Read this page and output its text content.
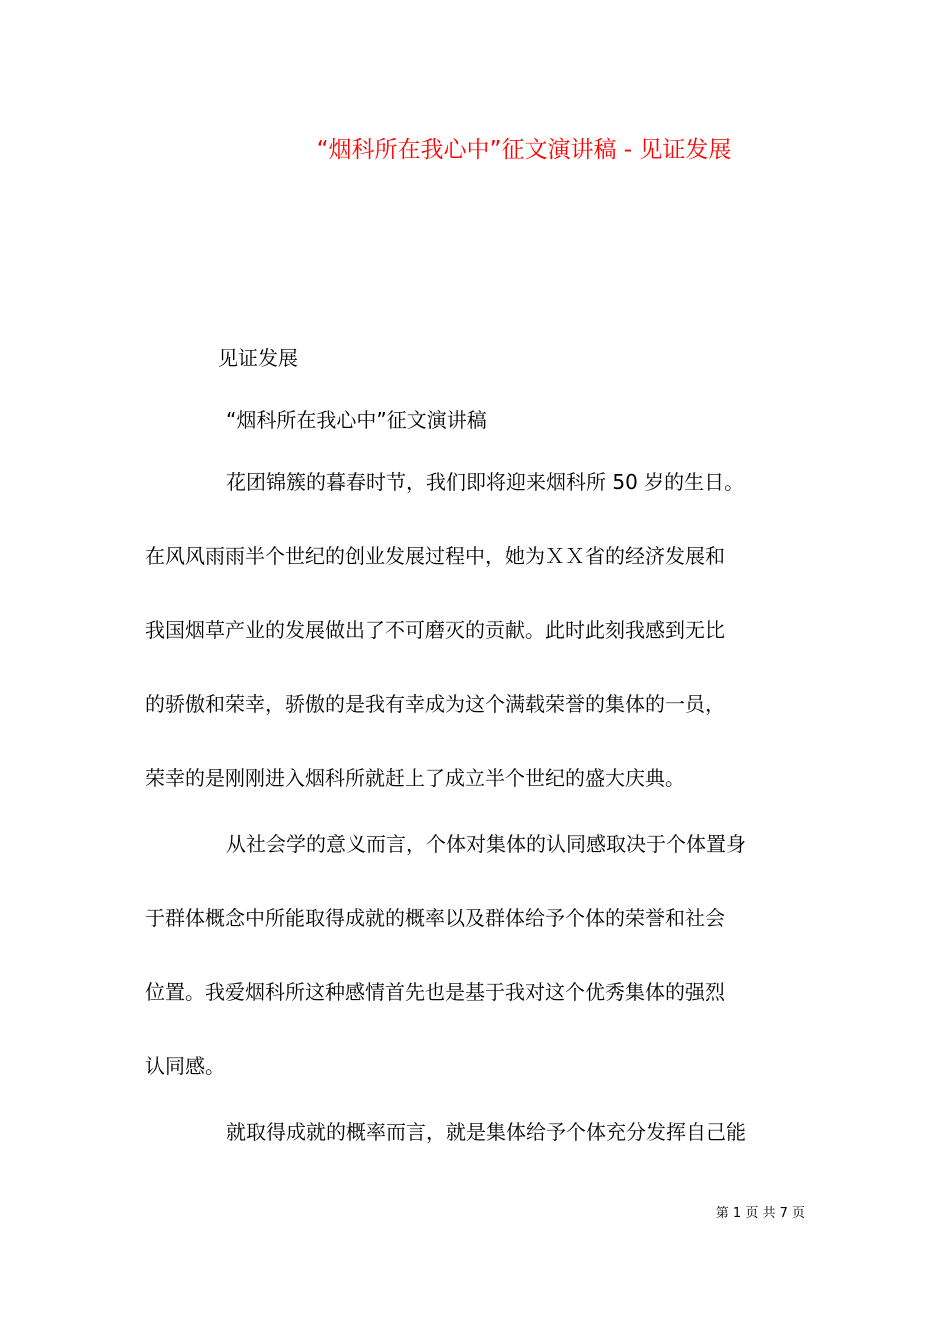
“烟科所在我心中”征文演讲稿 - 见证发展
见证发展
“烟科所在我心中”征文演讲稿
花团锦簇的暮春时节，我们即将迎来烟科所 50 岁的生日。
在风风雨雨半个世纪的创业发展过程中，她为ＸＸ省的经济发展和
我国烟草产业的发展做出了不可磨灭的贡献。此时此刻我感到无比
的骄傲和荣幸，骄傲的是我有幸成为这个满载荣誉的集体的一员，
荣幸的是刚刚进入烟科所就赶上了成立半个世纪的盛大庆典。
从社会学的意义而言，个体对集体的认同感取决于个体置身
于群体概念中所能取得成就的概率以及群体给予个体的荣誉和社会
位置。我爱烟科所这种感情首先也是基于我对这个优秀集体的强烈
认同感。
就取得成就的概率而言，就是集体给予个体充分发挥自己能
第 1 页 共 7 页
